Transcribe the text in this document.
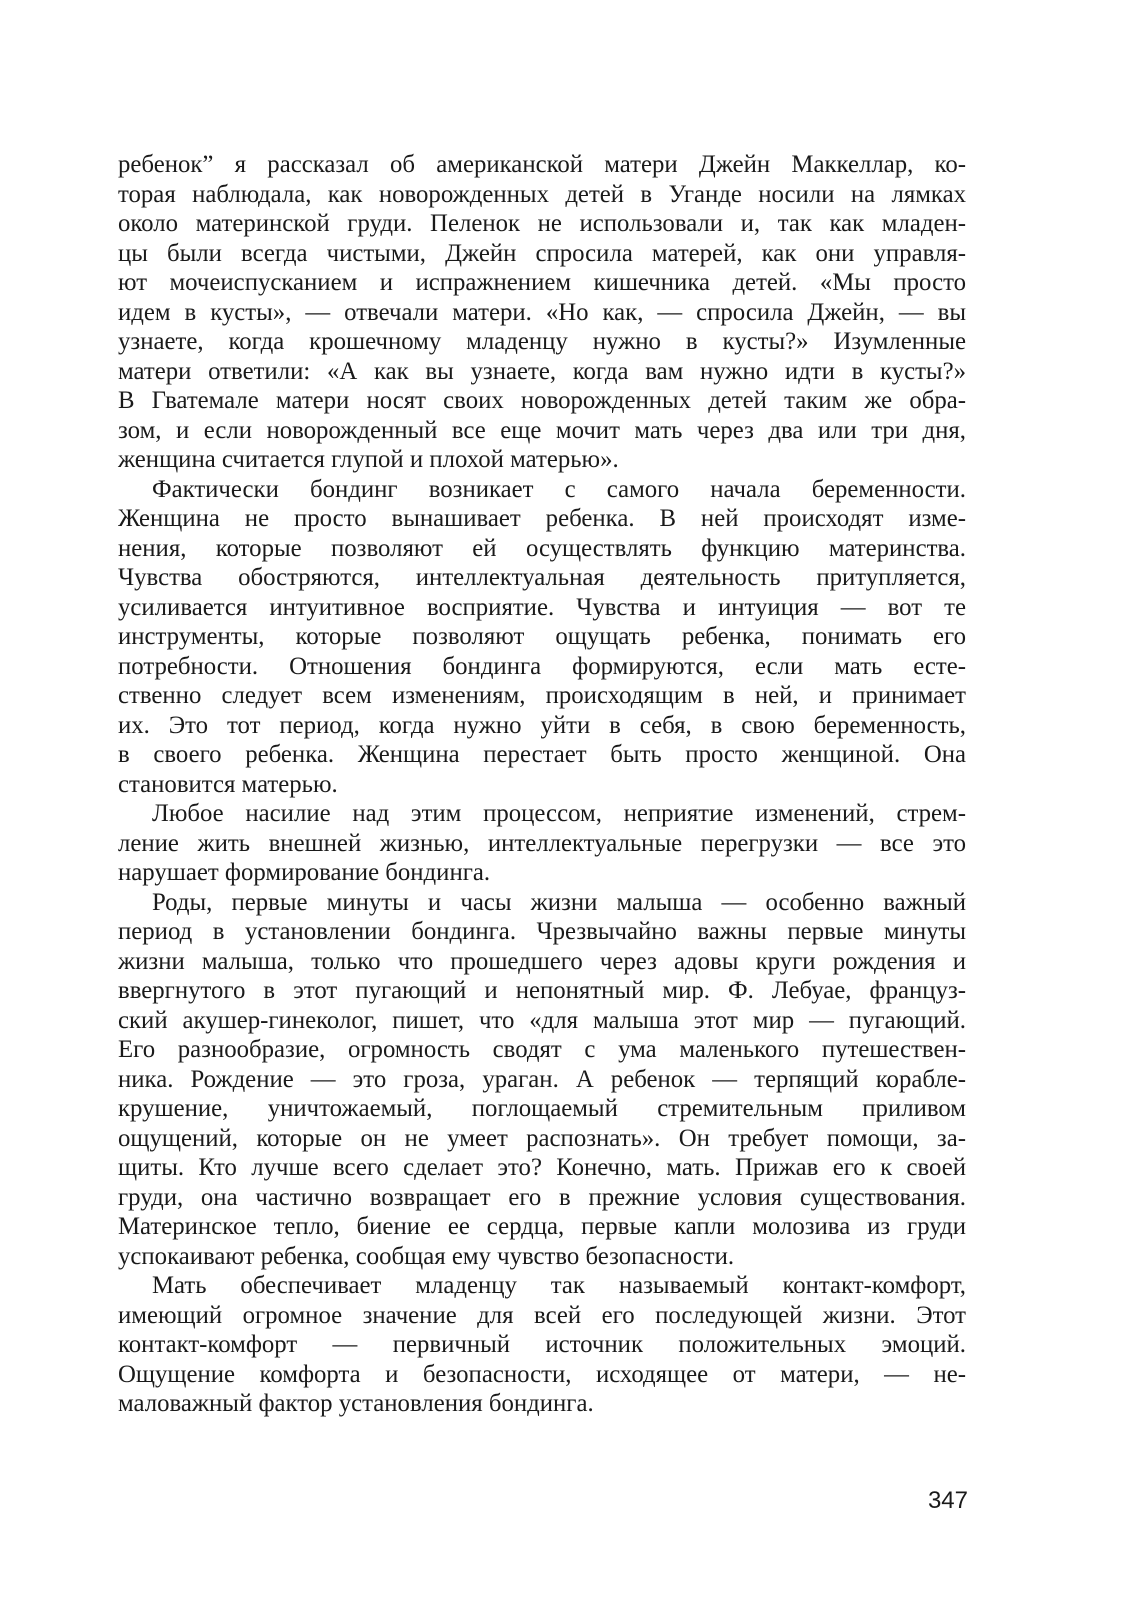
ребенок” я рассказал об американской матери Джейн Маккеллар, ко-
торая наблюдала, как новорожденных детей в Уганде носили на лямках
около материнской груди. Пеленок не использовали и, так как младен-
цы были всегда чистыми, Джейн спросила матерей, как они управля-
ют мочеиспусканием и испражнением кишечника детей. «Мы просто
идем в кусты», — отвечали матери. «Но как, — спросила Джейн, — вы
узнаете, когда крошечному младенцу нужно в кусты?» Изумленные
матери ответили: «А как вы узнаете, когда вам нужно идти в кусты?»
В Гватемале матери носят своих новорожденных детей таким же обра-
зом, и если новорожденный все еще мочит мать через два или три дня,
женщина считается глупой и плохой матерью».
Фактически бондинг возникает с самого начала беременности.
Женщина не просто вынашивает ребенка. В ней происходят изме-
нения, которые позволяют ей осуществлять функцию материнства.
Чувства обостряются, интеллектуальная деятельность притупляется,
усиливается интуитивное восприятие. Чувства и интуиция — вот те
инструменты, которые позволяют ощущать ребенка, понимать его
потребности. Отношения бондинга формируются, если мать есте-
ственно следует всем изменениям, происходящим в ней, и принимает
их. Это тот период, когда нужно уйти в себя, в свою беременность,
в своего ребенка. Женщина перестает быть просто женщиной. Она
становится матерью.
Любое насилие над этим процессом, неприятие изменений, стрем-
ление жить внешней жизнью, интеллектуальные перегрузки — все это
нарушает формирование бондинга.
Роды, первые минуты и часы жизни малыша — особенно важный
период в установлении бондинга. Чрезвычайно важны первые минуты
жизни малыша, только что прошедшего через адовы круги рождения и
ввергнутого в этот пугающий и непонятный мир. Ф. Лебуае, француз-
ский акушер-гинеколог, пишет, что «для малыша этот мир — пугающий.
Его разнообразие, огромность сводят с ума маленького путешествен-
ника. Рождение — это гроза, ураган. А ребенок — терпящий корабле-
крушение, уничтожаемый, поглощаемый стремительным приливом
ощущений, которые он не умеет распознать». Он требует помощи, за-
щиты. Кто лучше всего сделает это? Конечно, мать. Прижав его к своей
груди, она частично возвращает его в прежние условия существования.
Материнское тепло, биение ее сердца, первые капли молозива из груди
успокаивают ребенка, сообщая ему чувство безопасности.
Мать обеспечивает младенцу так называемый контакт-комфорт,
имеющий огромное значение для всей его последующей жизни. Этот
контакт-комфорт — первичный источник положительных эмоций.
Ощущение комфорта и безопасности, исходящее от матери, — не-
маловажный фактор установления бондинга.
347
